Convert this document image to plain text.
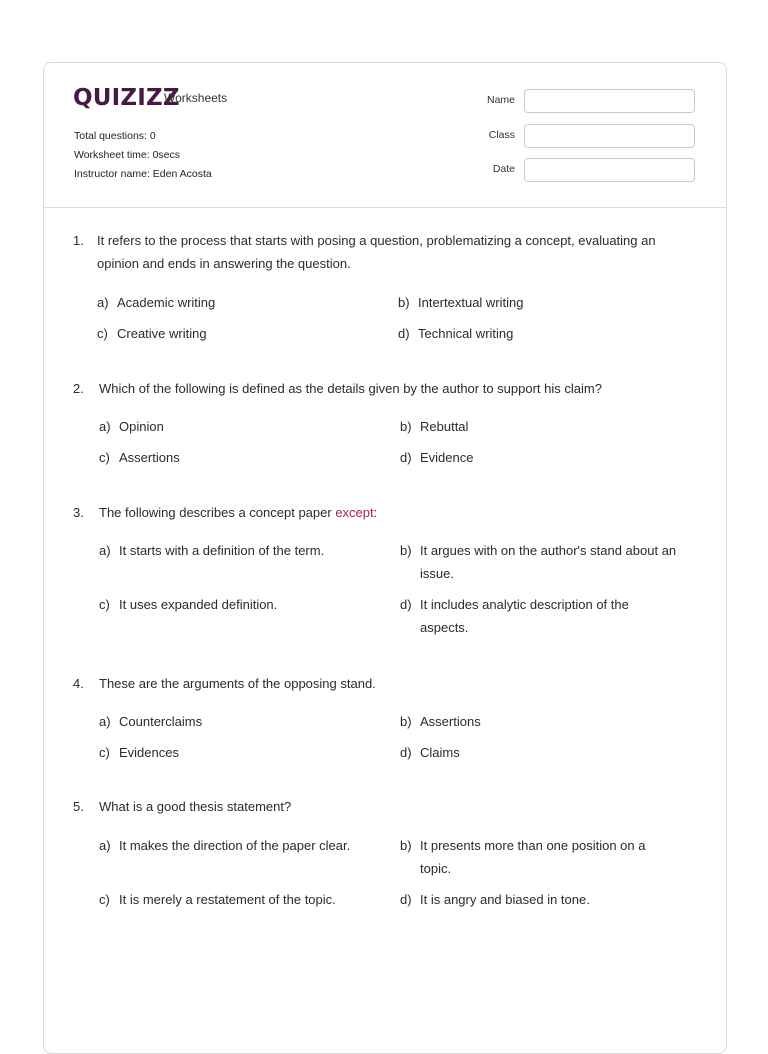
QUIZIZZ
Worksheets
Total questions: 0
Worksheet time: 0secs
Instructor name: Eden Acosta
Name
Class
Date
1. It refers to the process that starts with posing a question, problematizing a concept, evaluating an opinion and ends in answering the question.
a) Academic writing	b) Intertextual writing
c) Creative writing	d) Technical writing
2. Which of the following is defined as the details given by the author to support his claim?
a) Opinion	b) Rebuttal
c) Assertions	d) Evidence
3. The following describes a concept paper except:
a) It starts with a definition of the term.	b) It argues with on the author's stand about an issue.
c) It uses expanded definition.	d) It includes analytic description of the aspects.
4. These are the arguments of the opposing stand.
a) Counterclaims	b) Assertions
c) Evidences	d) Claims
5. What is a good thesis statement?
a) It makes the direction of the paper clear.	b) It presents more than one position on a topic.
c) It is merely a restatement of the topic.	d) It is angry and biased in tone.
